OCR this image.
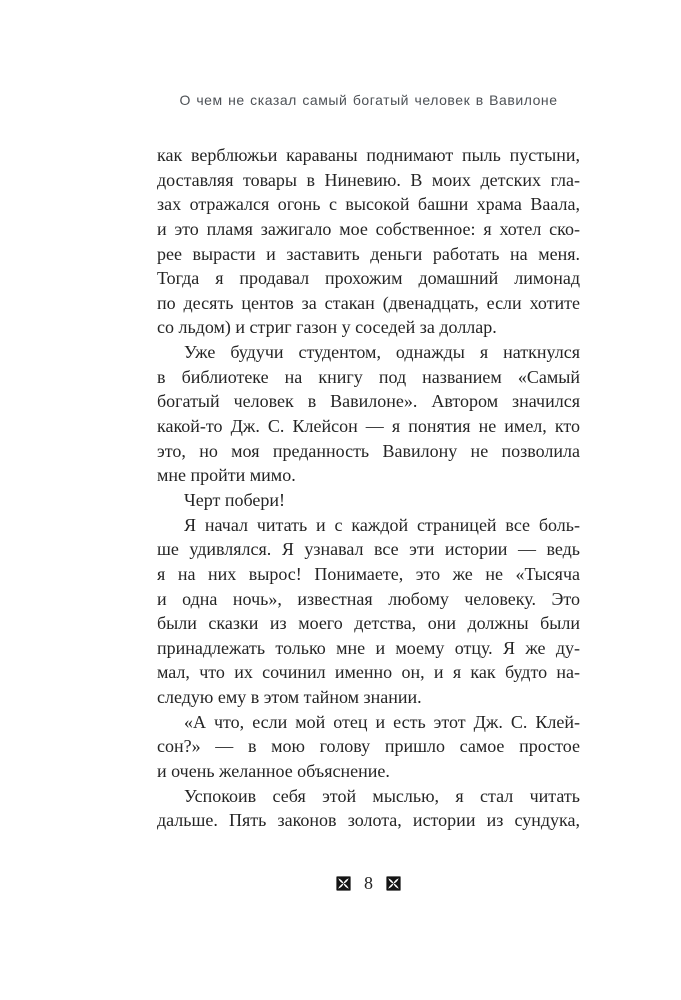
О чем не сказал самый богатый человек в Вавилоне
как верблюжьи караваны поднимают пыль пустыни,
доставляя товары в Ниневию. В моих детских гла-
зах отражался огонь с высокой башни храма Ваала,
и это пламя зажигало мое собственное: я хотел ско-
рее вырасти и заставить деньги работать на меня.
Тогда я продавал прохожим домашний лимонад
по десять центов за стакан (двенадцать, если хотите
со льдом) и стриг газон у соседей за доллар.
Уже будучи студентом, однажды я наткнулся
в библиотеке на книгу под названием «Самый
богатый человек в Вавилоне». Автором значился
какой-то Дж. С. Клейсон — я понятия не имел, кто
это, но моя преданность Вавилону не позволила
мне пройти мимо.
Черт побери!
Я начал читать и с каждой страницей все боль-
ше удивлялся. Я узнавал все эти истории — ведь
я на них вырос! Понимаете, это же не «Тысяча
и одна ночь», известная любому человеку. Это
были сказки из моего детства, они должны были
принадлежать только мне и моему отцу. Я же ду-
мал, что их сочинил именно он, и я как будто на-
следую ему в этом тайном знании.
«А что, если мой отец и есть этот Дж. С. Клей-
сон?» — в мою голову пришло самое простое
и очень желанное объяснение.
Успокоив себя этой мыслью, я стал читать
дальше. Пять законов золота, истории из сундука,
8
